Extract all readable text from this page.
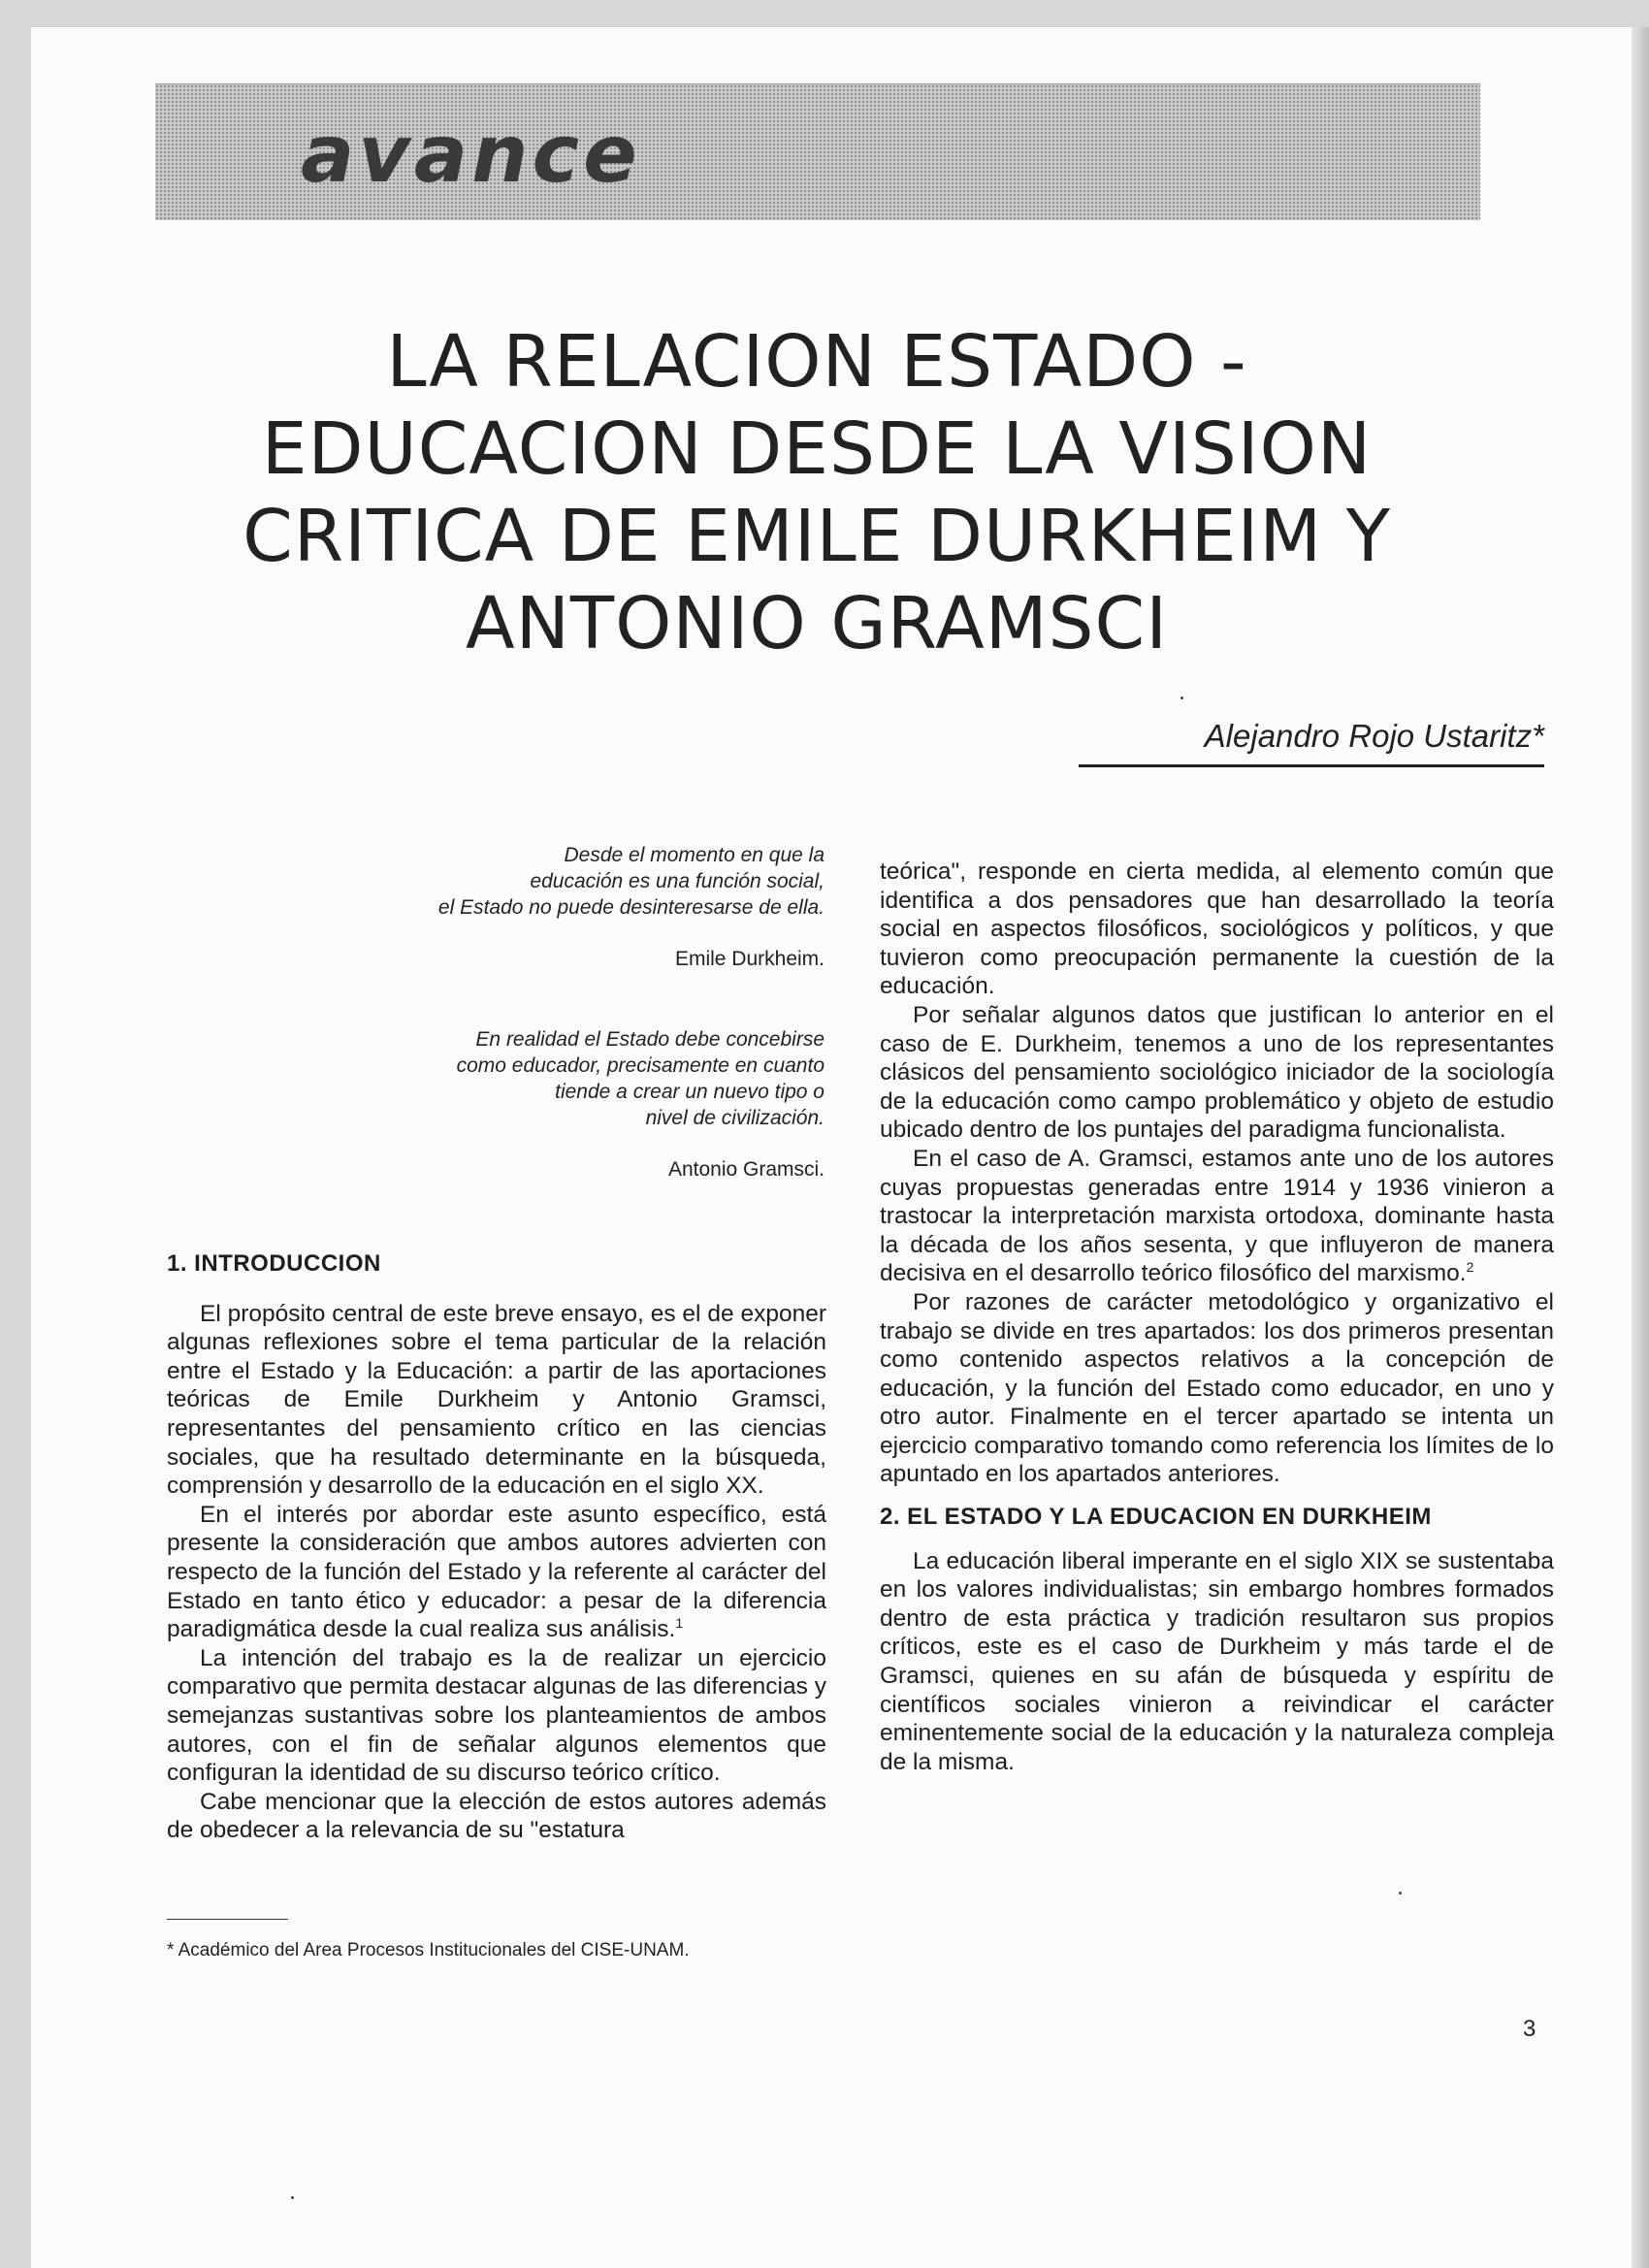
avance
LA RELACION ESTADO -
EDUCACION DESDE LA VISION
CRITICA DE EMILE DURKHEIM Y
ANTONIO GRAMSCI
Alejandro Rojo Ustaritz*
Desde el momento en que la
educación es una función social,
el Estado no puede desinteresarse de ella.
Emile Durkheim.
En realidad el Estado debe concebirse
como educador, precisamente en cuanto
tiende a crear un nuevo tipo o
nivel de civilización.
Antonio Gramsci.
1. INTRODUCCION

El propósito central de este breve ensayo, es el de exponer algunas reflexiones sobre el tema particular de la relación entre el Estado y la Educación: a partir de las aportaciones teóricas de Emile Durkheim y Antonio Gramsci, representantes del pensamiento crítico en las ciencias sociales, que ha resultado determinante en la búsqueda, comprensión y desarrollo de la educación en el siglo XX.

En el interés por abordar este asunto específico, está presente la consideración que ambos autores advierten con respecto de la función del Estado y la referente al carácter del Estado en tanto ético y educador: a pesar de la diferencia paradigmática desde la cual realiza sus análisis.$^1$

La intención del trabajo es la de realizar un ejercicio comparativo que permita destacar algunas de las diferencias y semejanzas sustantivas sobre los planteamientos de ambos autores, con el fin de señalar algunos elementos que configuran la identidad de su discurso teórico crítico.

Cabe mencionar que la elección de estos autores además de obedecer a la relevancia de su "estatura

teórica", responde en cierta medida, al elemento común que identifica a dos pensadores que han desarrollado la teoría social en aspectos filosóficos, sociológicos y políticos, y que tuvieron como preocupación permanente la cuestión de la educación.

Por señalar algunos datos que justifican lo anterior en el caso de E. Durkheim, tenemos a uno de los representantes clásicos del pensamiento sociológico iniciador de la sociología de la educación como campo problemático y objeto de estudio ubicado dentro de los puntajes del paradigma funcionalista.

En el caso de A. Gramsci, estamos ante uno de los autores cuyas propuestas generadas entre 1914 y 1936 vinieron a trastocar la interpretación marxista ortodoxa, dominante hasta la década de los años sesenta, y que influyeron de manera decisiva en el desarrollo teórico filosófico del marxismo.$^2$

Por razones de carácter metodológico y organizativo el trabajo se divide en tres apartados: los dos primeros presentan como contenido aspectos relativos a la concepción de educación, y la función del Estado como educador, en uno y otro autor. Finalmente en el tercer apartado se intenta un ejercicio comparativo tomando como referencia los límites de lo apuntado en los apartados anteriores.

2. EL ESTADO Y LA EDUCACION EN DURKHEIM

La educación liberal imperante en el siglo XIX se sustentaba en los valores individualistas; sin embargo hombres formados dentro de esta práctica y tradición resultaron sus propios críticos, este es el caso de Durkheim y más tarde el de Gramsci, quienes en su afán de búsqueda y espíritu de científicos sociales vinieron a reivindicar el carácter eminentemente social de la educación y la naturaleza compleja de la misma.

* Académico del Area Procesos Institucionales del CISE-UNAM.
3
